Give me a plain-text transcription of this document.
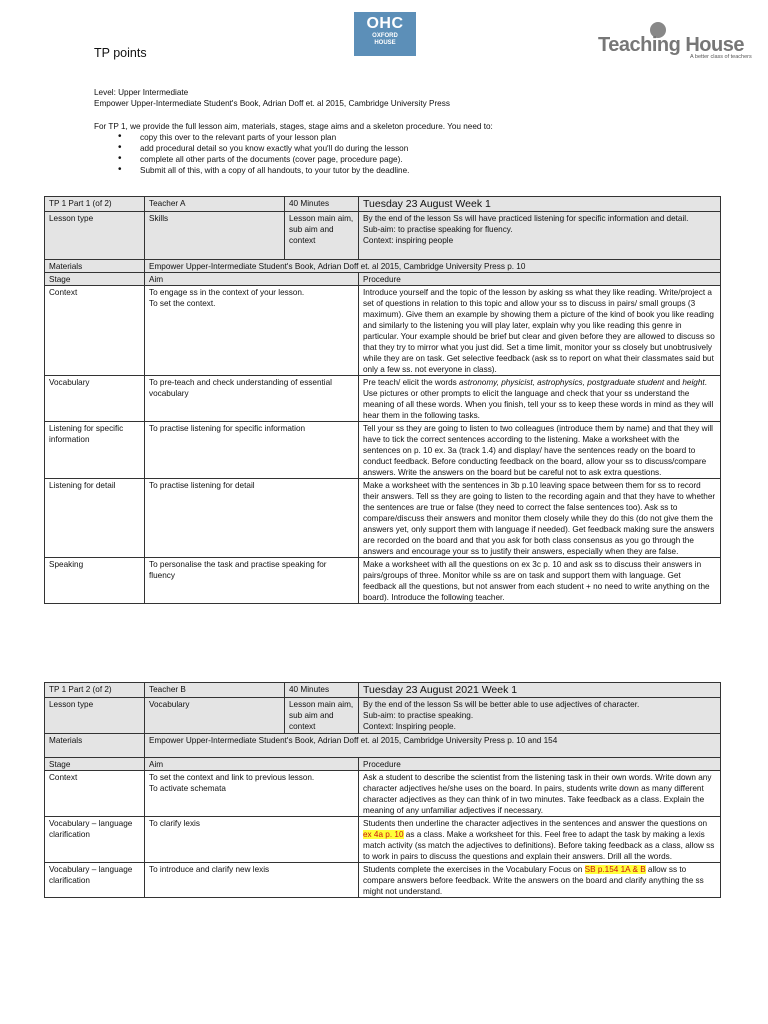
TP points
OHC
OXFORD
HOUSE	Teaching House
A better class of teachers

Level: Upper Intermediate

Empower Upper-Intermediate Student's Book, Adrian Doff et. al 2015, Cambridge University Press

For TP 1, we provide the full lesson aim, materials, stages, stage aims and a skeleton procedure. You need to:

• copy this over to the relevant parts of your lesson plan
• add procedural detail so you know exactly what you'll do during the lesson
• complete all other parts of the documents (cover page, procedure page).
• Submit all of this, with a copy of all handouts, to your tutor by the deadline.
TP 1 Part 1 (of 2)	Teacher A	40 Minutes	Tuesday 23 August Week 1
Lesson type	Skills	Lesson main aim, sub aim and context	By the end of the lesson Ss will have practiced listening for specific information and detail.
Sub-aim: to practise speaking for fluency.
Context: inspiring people

Materials	Empower Upper-Intermediate Student's Book, Adrian Doff et. al 2015, Cambridge University Press p. 10		
Stage	Aim		Procedure
Context	To engage ss in the context of your lesson.
To set the context.		Introduce yourself and the topic of the lesson by asking ss what they like reading. Write/project a set of questions in relation to this topic and allow your ss to discuss in pairs/ small groups (3 maximum). Give them an example by showing them a picture of the kind of book you like reading and similarly to the listening you will play later, explain why you like reading this genre in particular. Your example should be brief but clear and given before they are allowed to discuss so that they try to mirror what you just did. Set a time limit, monitor your ss closely but unobtrusively while they are on task. Get selective feedback (ask ss to report on what their classmates said but only a few ss. not everyone in class).
Vocabulary	To pre-teach and check understanding of essential vocabulary		Pre teach/ elicit the words astronomy, physicist, astrophysics, postgraduate student and height. Use pictures or other prompts to elicit the language and check that your ss understand the meaning of all these words. When you finish, tell your ss to keep these words in mind as they will hear them in the following tasks.
Listening for specific information	To practise listening for specific information		Tell your ss they are going to listen to two colleagues (introduce them by name) and that they will have to tick the correct sentences according to the listening. Make a worksheet with the sentences on p. 10 ex. 3a (track 1.4) and display/ have the sentences ready on the board to conduct feedback. Before conducting feedback on the board, allow your ss to discuss/compare answers. Write the answers on the board but be careful not to ask extra questions.
Listening for detail	To practise listening for detail		Make a worksheet with the sentences in 3b p.10 leaving space between them for ss to record their answers. Tell ss they are going to listen to the recording again and that they have to whether the sentences are true or false (they need to correct the false sentences too). Ask ss to compare/discuss their answers and monitor them closely while they do this (do not give them the answers yet, only support them with language if needed). Get feedback making sure the answers are recorded on the board and that you ask for both class consensus as you go through the answers and encourage your ss to justify their answers, especially when they are false.
Speaking	To personalise the task and practise speaking for fluency		Make a worksheet with all the questions on ex 3c p. 10 and ask ss to discuss their answers in pairs/groups of three. Monitor while ss are on task and support them with language. Get feedback all the questions, but not answer from each student + no need to write anything on the board). Introduce the following teacher.
TP 1 Part 2 (of 2)	Teacher B	40 Minutes	Tuesday 23 August 2021 Week 1
Lesson type	Vocabulary	Lesson main aim, sub aim and context	By the end of the lesson Ss will be better able to use adjectives of character.
Sub-aim: to practise speaking.
Context: Inspiring people.

Materials	Empower Upper-Intermediate Student's Book, Adrian Doff et. al 2015, Cambridge University Press p. 10 and 154		
Stage	Aim		Procedure
Context	To set the context and link to previous lesson.
To activate schemata		Ask a student to describe the scientist from the listening task in their own words. Write down any character adjectives he/she uses on the board. In pairs, students write down as many different character adjectives as they can think of in two minutes. Take feedback as a class. Explain the meaning of any unfamiliar adjectives if necessary.
Vocabulary – language clarification	To clarify lexis		Students then underline the character adjectives in the sentences and answer the questions on ex 4a p. 10 as a class. Make a worksheet for this. Feel free to adapt the task by making a lexis match activity (ss match the adjectives to definitions). Before taking feedback as a class, allow ss to work in pairs to discuss the questions and explain their answers. Drill all the words.
Vocabulary – language clarification	To introduce and clarify new lexis		Students complete the exercises in the Vocabulary Focus on SB p.154 1A & B allow ss to compare answers before feedback. Write the answers on the board and clarify anything the ss might not understand.
